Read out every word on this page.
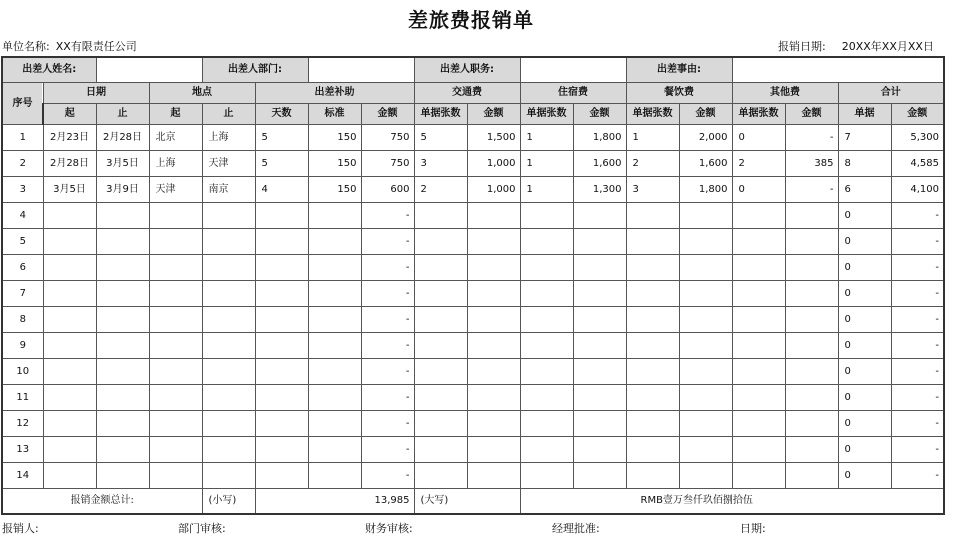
差旅费报销单
单位名称: XX有限责任公司	报销日期: 20XX年XX月XX日
出差人姓名:				出差人部门:				出差人职务:				出差事由:					
序号	日期		地点		出差补助			交通费		住宿费		餐饮费		其他费		合计	
	起	止	起	止	天数	标准	金额	单据张数	金额	单据张数	金额	单据张数	金额	单据张数	金额	单据	金额
1	2月23日	2月28日	北京	上海	5	150	750	5	1,500	1	1,800	1	2,000	0	-	7	5,300
2	2月28日	3月5日	上海	天津	5	150	750	3	1,000	1	1,600	2	1,600	2	385	8	4,585
3	3月5日	3月9日	天津	南京	4	150	600	2	1,000	1	1,300	3	1,800	0	-	6	4,100
4							-									0	-
5							-									0	-
6							-									0	-
7							-									0	-
8							-									0	-
9							-									0	-
10							-									0	-
11							-									0	-
12							-									0	-
13							-									0	-
14							-									0	-
报销金额总计:				(小写)	13,985			(大写)		RMB壹万叁仟玖佰捌拾伍							
报销人:	部门审核:	财务审核:	经理批准:	日期:
